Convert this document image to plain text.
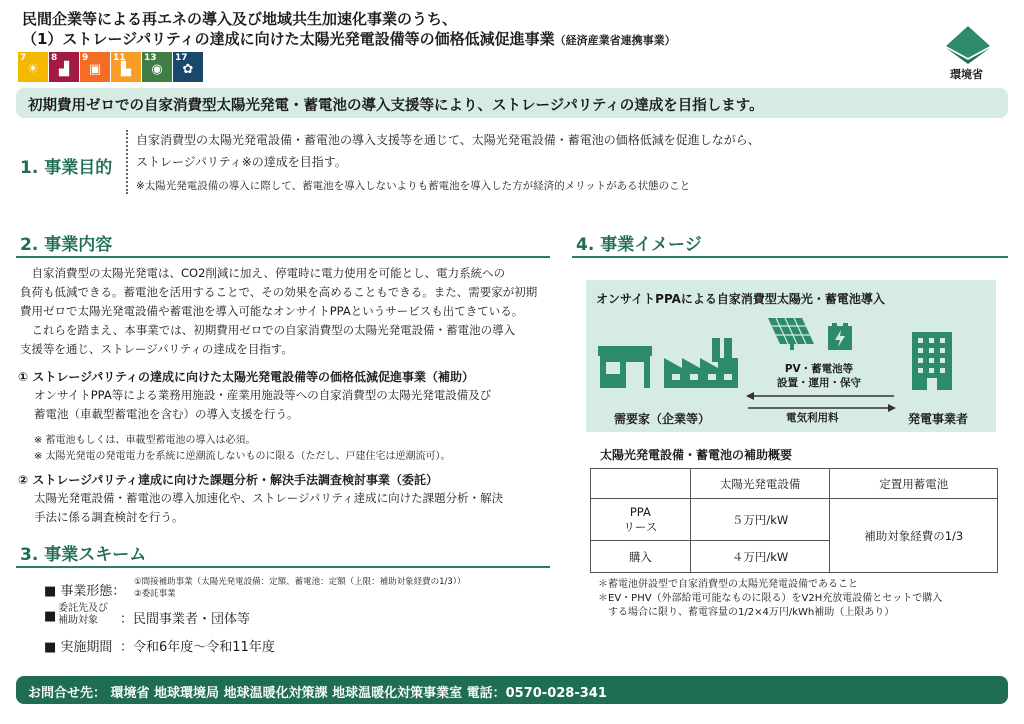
民間企業等による再エネの導入及び地域共生加速化事業のうち、
（1）ストレージパリティの達成に向けた太陽光発電設備等の価格低減促進事業（経済産業省連携事業）
7
☀
8
▟
9
▣
11
▙
13
◉
17
✿	環境省
初期費用ゼロでの自家消費型太陽光発電・蓄電池の導入支援等により、ストレージパリティの達成を目指します。
1. 事業目的
自家消費型の太陽光発電設備・蓄電池の導入支援等を通じて、太陽光発電設備・蓄電池の価格低減を促進しながら、
ストレージパリティ※の達成を目指す。
※太陽光発電設備の導入に際して、蓄電池を導入しないよりも蓄電池を導入した方が経済的メリットがある状態のこと
2. 事業内容
　自家消費型の太陽光発電は、CO2削減に加え、停電時に電力使用を可能とし、電力系統への
負荷も低減できる。蓄電池を活用することで、その効果を高めることもできる。また、需要家が初期
費用ゼロで太陽光発電設備や蓄電池を導入可能なオンサイトPPAというサービスも出てきている。
　これらを踏まえ、本事業では、初期費用ゼロでの自家消費型の太陽光発電設備・蓄電池の導入
支援等を通じ、ストレージパリティの達成を目指す。
① ストレージパリティの達成に向けた太陽光発電設備等の価格低減促進事業（補助）
オンサイトPPA等による業務用施設・産業用施設等への自家消費型の太陽光発電設備及び
蓄電池（車載型蓄電池を含む）の導入支援を行う。
※ 蓄電池もしくは、車載型蓄電池の導入は必須。
※ 太陽光発電の発電電力を系統に逆潮流しないものに限る（ただし、戸建住宅は逆潮流可）。
② ストレージパリティ達成に向けた課題分析・解決手法調査検討事業（委託）
太陽光発電設備・蓄電池の導入加速化や、ストレージパリティ達成に向けた課題分析・解決
手法に係る調査検討を行う。
3. 事業スキーム
■ 事業形態：
①間接補助事業（太陽光発電設備：定額、蓄電池：定額（上限：補助対象経費の1/3））
②委託事業
■
委託先及び
補助対象	：民間事業者・団体等
■ 実施期間 ：令和6年度～令和11年度
4. 事業イメージ
オンサイトPPAによる自家消費型太陽光・蓄電池導入
PV・蓄電池等
設置・運用・保守
電気利用料
需要家（企業等）	発電事業者
太陽光発電設備・蓄電池の補助概要
	太陽光発電設備	定置用蓄電池

PPA
リース	５万円/kW	補助対象経費の1/3
購入	４万円/kW	
＊蓄電池併設型で自家消費型の太陽光発電設備であること
＊EV・PHV（外部給電可能なものに限る）をV2H充放電設備とセットで購入
　する場合に限り、蓄電容量の1/2×4万円/kWh補助（上限あり）
お問合せ先： 環境省 地球環境局 地球温暖化対策課 地球温暖化対策事業室 電話：0570-028-341
